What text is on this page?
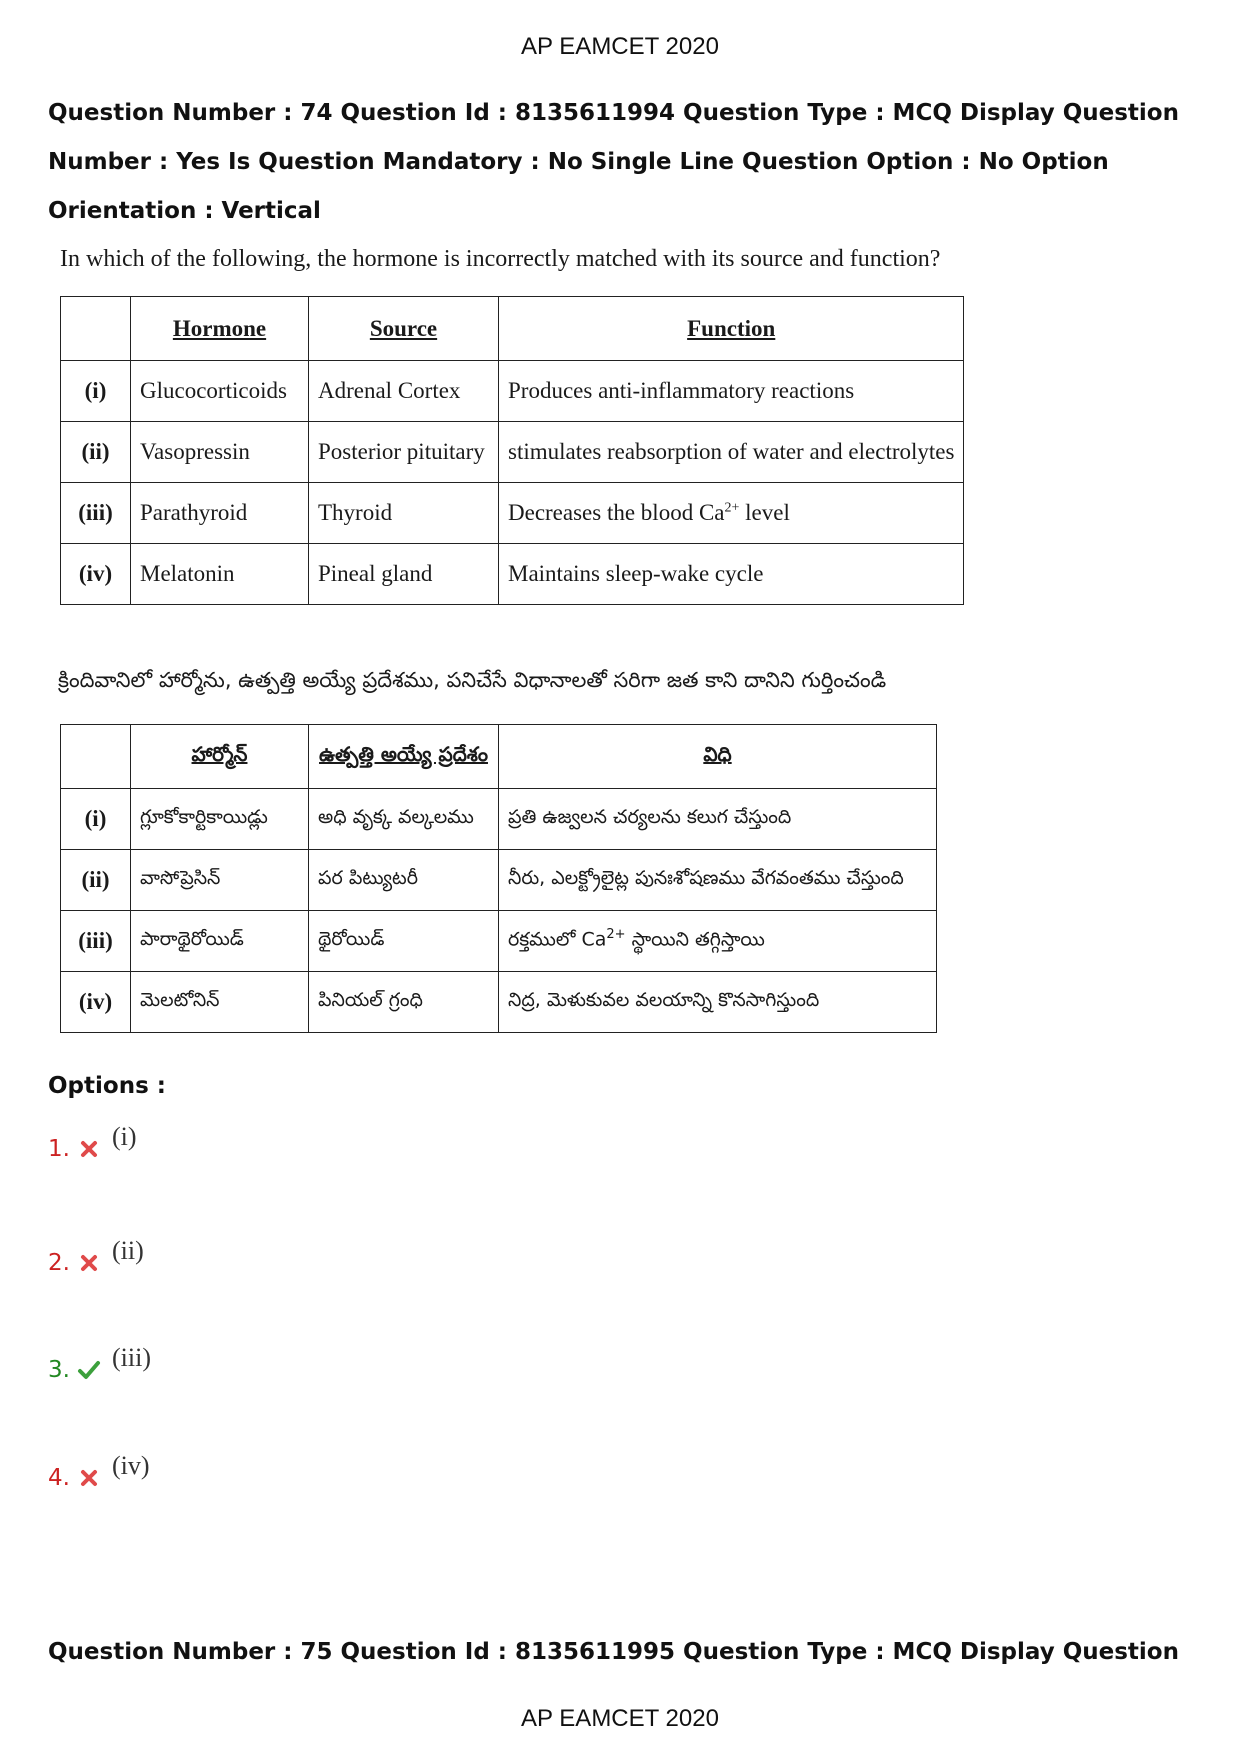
AP EAMCET 2020
Question Number : 74 Question Id : 8135611994 Question Type : MCQ Display Question
Number : Yes Is Question Mandatory : No Single Line Question Option : No Option
Orientation : Vertical
In which of the following, the hormone is incorrectly matched with its source and function?
	Hormone	Source	Function
(i)	Glucocorticoids	Adrenal Cortex	Produces anti-inflammatory reactions
(ii)	Vasopressin	Posterior pituitary	stimulates reabsorption of water and electrolytes
(iii)	Parathyroid	Thyroid	Decreases the blood $Ca^{2+}$ level
(iv)	Melatonin	Pineal gland	Maintains sleep-wake cycle
క్రిందివానిలో హార్మోను, ఉత్పత్తి అయ్యే ప్రదేశము, పనిచేసే విధానాలతో సరిగా జత కాని దానిని గుర్తించండి
	హార్మోన్	ఉత్పత్తి అయ్యే ప్రదేశం	విధి
(i)	గ్లూకోకార్టికాయిడ్లు	అధి వృక్క వల్కలము	ప్రతి ఉజ్వలన చర్యలను కలుగ చేస్తుంది
(ii)	వాసోప్రెసిన్	పర పిట్యుటరీ	నీరు, ఎలక్ట్రోలైట్ల పునఃశోషణము వేగవంతము చేస్తుంది
(iii)	పారాథైరోయిడ్	థైరోయిడ్	రక్తములో $Ca^{2+}$ స్థాయిని తగ్గిస్తాయి
(iv)	మెలటోనిన్	పినియల్ గ్రంధి	నిద్ర, మెళుకువల వలయాన్ని కొనసాగిస్తుంది
Options :
1. (i)
2. (ii)
3. (iii)
4. (iv)
Question Number : 75 Question Id : 8135611995 Question Type : MCQ Display Question
AP EAMCET 2020
